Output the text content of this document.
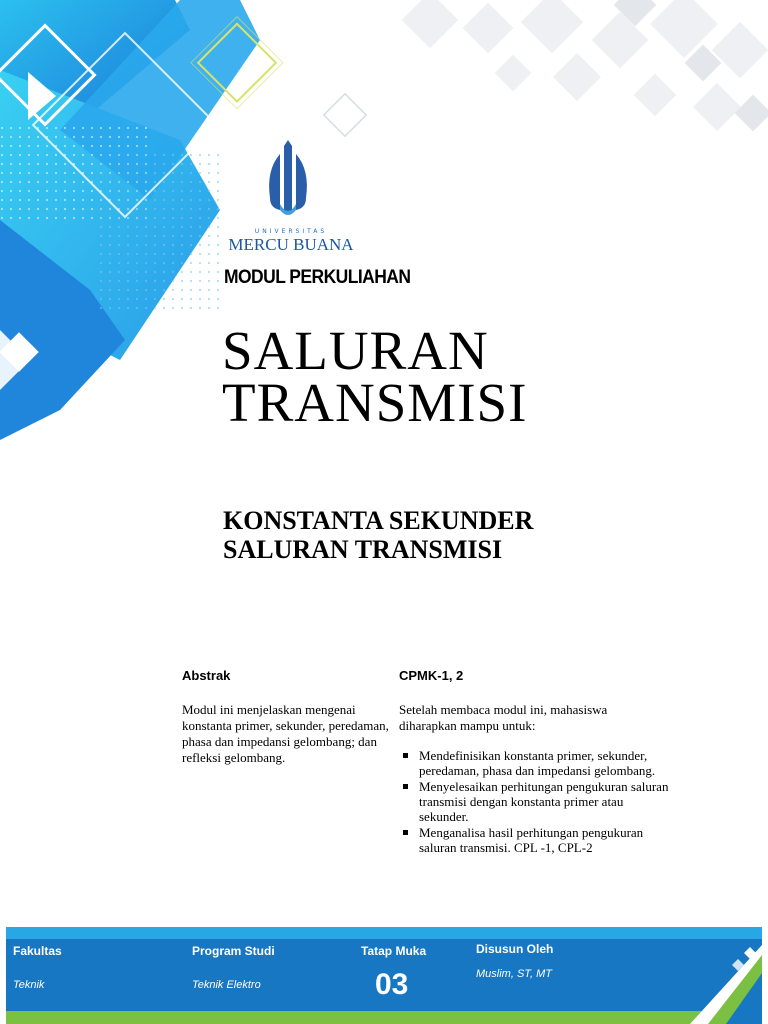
UNIVERSITAS
MERCU BUANA
MODUL PERKULIAHAN
SALURAN
TRANSMISI
KONSTANTA SEKUNDER
SALURAN TRANSMISI
Abstrak
Modul ini menjelaskan mengenai konstanta primer, sekunder, peredaman, phasa dan impedansi gelombang; dan refleksi gelombang.
CPMK-1, 2
Setelah membaca modul ini, mahasiswa diharapkan mampu untuk:
Mendefinisikan konstanta primer, sekunder, peredaman, phasa dan impedansi gelombang.
Menyelesaikan perhitungan pengukuran saluran transmisi dengan konstanta primer atau sekunder.
Menganalisa hasil perhitungan pengukuran saluran transmisi. CPL -1, CPL-2
Fakultas
Teknik
Program Studi
Teknik Elektro
Tatap Muka
03
Disusun Oleh
Muslim, ST, MT
